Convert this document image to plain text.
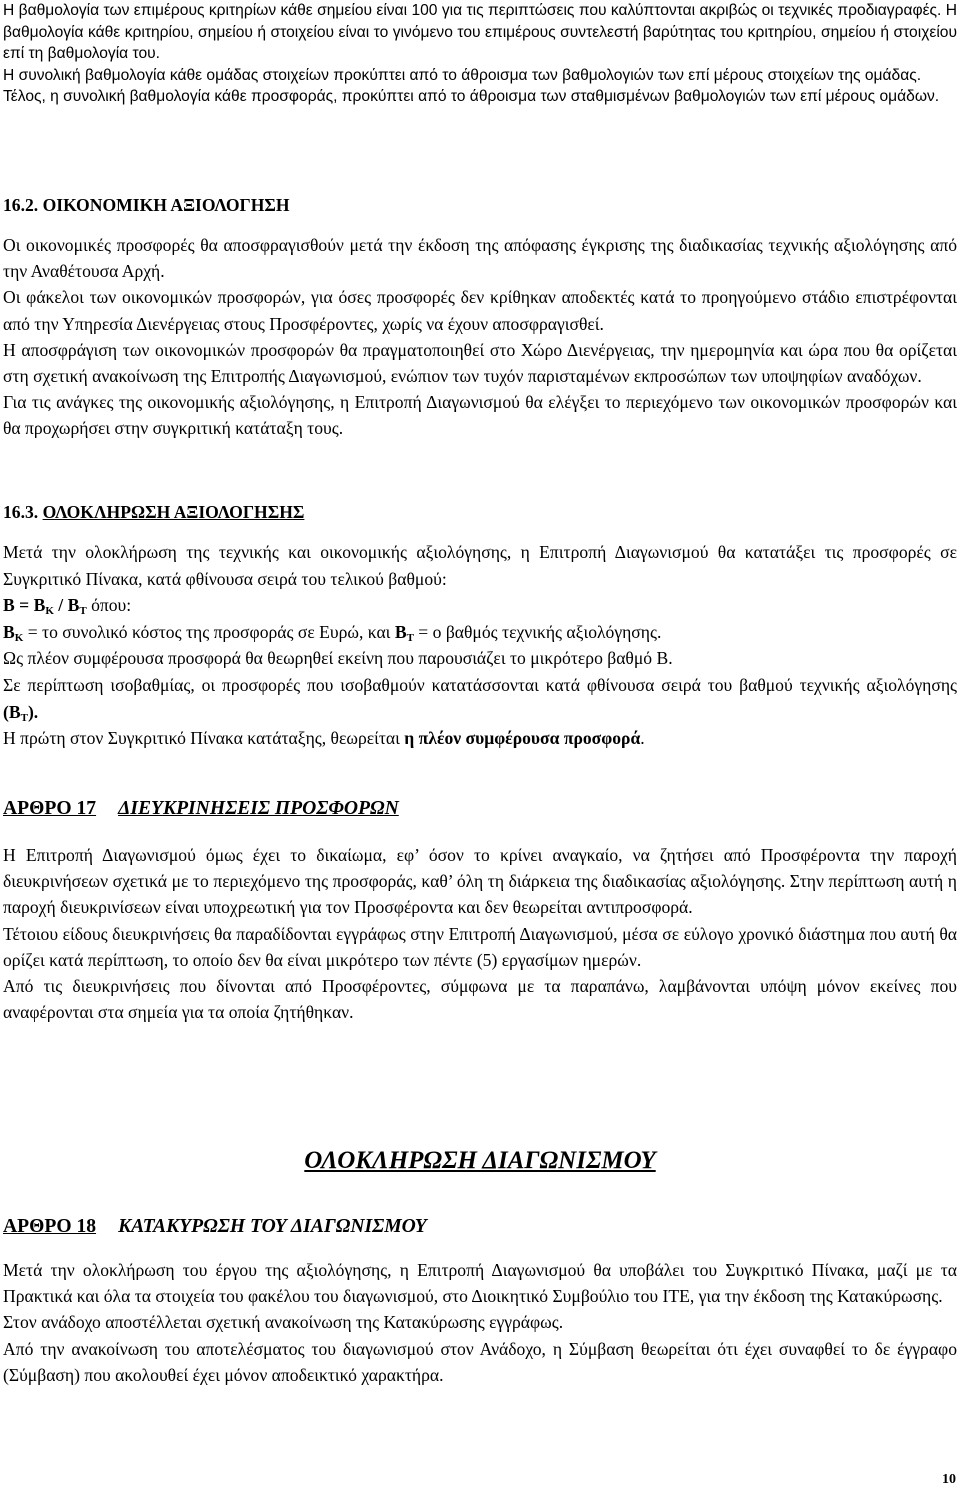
Η βαθμολογία των επιμέρους κριτηρίων κάθε σημείου είναι 100 για τις περιπτώσεις που καλύπτονται ακριβώς οι τεχνικές προδιαγραφές. Η βαθμολογία κάθε κριτηρίου, σημείου ή στοιχείου είναι το γινόμενο του επιμέρους συντελεστή βαρύτητας του κριτηρίου, σημείου ή στοιχείου επί τη βαθμολογία του.

Η συνολική βαθμολογία κάθε ομάδας στοιχείων προκύπτει από το άθροισμα των βαθμολογιών των επί μέρους στοιχείων της ομάδας.

Τέλος, η συνολική βαθμολογία κάθε προσφοράς, προκύπτει από το άθροισμα των σταθμισμένων βαθμολογιών των επί μέρους ομάδων.

16.2. ΟΙΚΟΝΟΜΙΚΗ ΑΞΙΟΛΟΓΗΣΗ

Οι οικονομικές προσφορές θα αποσφραγισθούν μετά την έκδοση της απόφασης έγκρισης της διαδικασίας τεχνικής αξιολόγησης από την Αναθέτουσα Αρχή.

Οι φάκελοι των οικονομικών προσφορών, για όσες προσφορές δεν κρίθηκαν αποδεκτές κατά το προηγούμενο στάδιο επιστρέφονται από την Υπηρεσία Διενέργειας στους Προσφέροντες, χωρίς να έχουν αποσφραγισθεί.

Η αποσφράγιση των οικονομικών προσφορών θα πραγματοποιηθεί στο Χώρο Διενέργειας, την ημερομηνία και ώρα που θα ορίζεται στη σχετική ανακοίνωση της Επιτροπής Διαγωνισμού, ενώπιον των τυχόν παρισταμένων εκπροσώπων των υποψηφίων αναδόχων.

Για τις ανάγκες της οικονομικής αξιολόγησης, η Επιτροπή Διαγωνισμού θα ελέγξει το περιεχόμενο των οικονομικών προσφορών και θα προχωρήσει στην συγκριτική κατάταξη τους.

16.3. ΟΛΟΚΛΗΡΩΣΗ ΑΞΙΟΛΟΓΗΣΗΣ

Μετά την ολοκλήρωση της τεχνικής και οικονομικής αξιολόγησης, η Επιτροπή Διαγωνισμού θα κατατάξει τις προσφορές σε Συγκριτικό Πίνακα, κατά φθίνουσα σειρά του τελικού βαθμού:

$B = B_K / B_T$ όπου:

$B_K = \tau o$ συνολικό κόστος της προσφοράς σε Ευρώ, και $B_T = o$ βαθμός τεχνικής αξιολόγησης.

Ως πλέον συμφέρουσα προσφορά θα θεωρηθεί εκείνη που παρουσιάζει το μικρότερο βαθμό B.

Σε περίπτωση ισοβαθμίας, οι προσφορές που ισοβαθμούν κατατάσσονται κατά φθίνουσα σειρά του βαθμού τεχνικής αξιολόγησης $(B_T)$.

Η πρώτη στον Συγκριτικό Πίνακα κατάταξης, θεωρείται η πλέον συμφέρουσα προσφορά.

ΑΡΘΡΟ 17 ΔΙΕΥΚΡΙΝΗΣΕΙΣ ΠΡΟΣΦΟΡΩΝ

Η Επιτροπή Διαγωνισμού όμως έχει το δικαίωμα, εφ’ όσον το κρίνει αναγκαίο, να ζητήσει από Προσφέροντα την παροχή διευκρινήσεων σχετικά με το περιεχόμενο της προσφοράς, καθ’ όλη τη διάρκεια της διαδικασίας αξιολόγησης. Στην περίπτωση αυτή η παροχή διευκρινίσεων είναι υποχρεωτική για τον Προσφέροντα και δεν θεωρείται αντιπροσφορά.

Τέτοιου είδους διευκρινήσεις θα παραδίδονται εγγράφως στην Επιτροπή Διαγωνισμού, μέσα σε εύλογο χρονικό διάστημα που αυτή θα ορίζει κατά περίπτωση, το οποίο δεν θα είναι μικρότερο των πέντε (5) εργασίμων ημερών.

Από τις διευκρινήσεις που δίνονται από Προσφέροντες, σύμφωνα με τα παραπάνω, λαμβάνονται υπόψη μόνον εκείνες που αναφέρονται στα σημεία για τα οποία ζητήθηκαν.

ΟΛΟΚΛΗΡΩΣΗ ΔΙΑΓΩΝΙΣΜΟΥ
ΑΡΘΡΟ 18 ΚΑΤΑΚΥΡΩΣΗ ΤΟΥ ΔΙΑΓΩΝΙΣΜΟΥ

Μετά την ολοκλήρωση του έργου της αξιολόγησης, η Επιτροπή Διαγωνισμού θα υποβάλει του Συγκριτικό Πίνακα, μαζί με τα Πρακτικά και όλα τα στοιχεία του φακέλου του διαγωνισμού, στο Διοικητικό Συμβούλιο του ΙΤΕ, για την έκδοση της Κατακύρωσης.

Στον ανάδοχο αποστέλλεται σχετική ανακοίνωση της Κατακύρωσης εγγράφως.

Από την ανακοίνωση του αποτελέσματος του διαγωνισμού στον Ανάδοχο, η Σύμβαση θεωρείται ότι έχει συναφθεί το δε έγγραφο (Σύμβαση) που ακολουθεί έχει μόνον αποδεικτικό χαρακτήρα.

10
